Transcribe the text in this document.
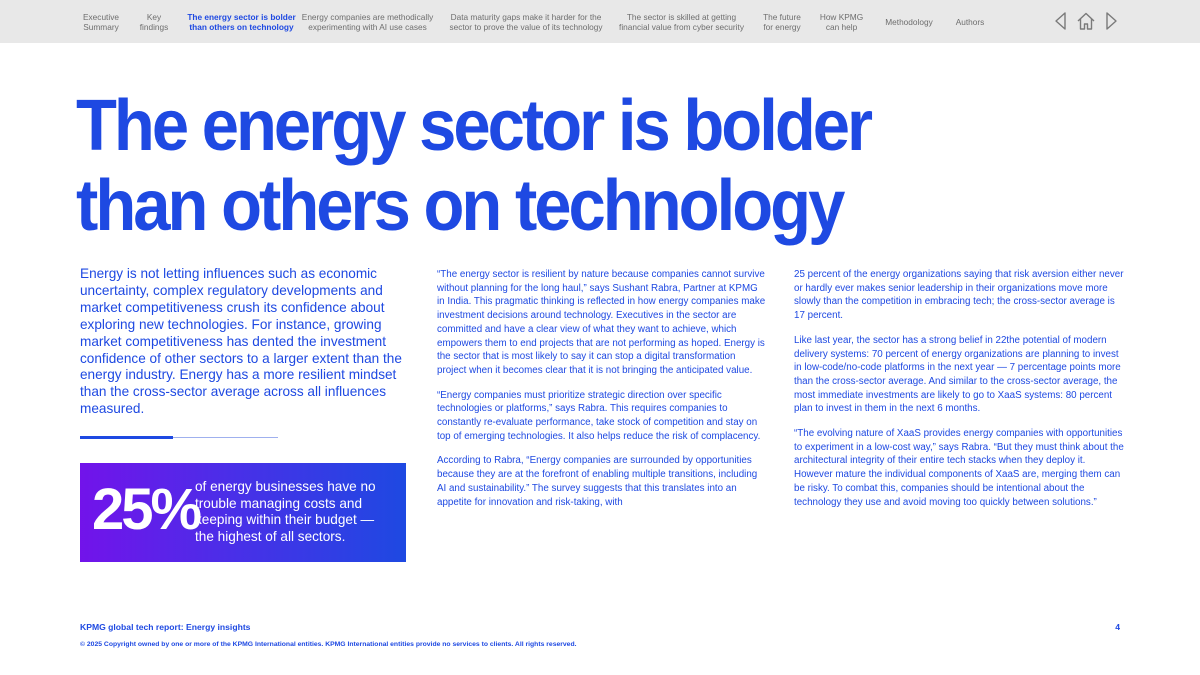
Executive
Summary
Key
findings
The energy sector is bolder
than others on technology
Energy companies are methodically
experimenting with AI use cases
Data maturity gaps make it harder for the
sector to prove the value of its technology
The sector is skilled at getting
financial value from cyber security
The future
for energy
How KPMG
can help	Methodology	Authors
The energy sector is bolder than others on technology

Energy is not letting influences such as economic uncertainty, complex regulatory developments and market competitiveness crush its confidence about exploring new technologies. For instance, growing market competitiveness has dented the investment confidence of other sectors to a larger extent than the energy industry. Energy has a more resilient mindset than the cross-sector average across all influences measured.

25%

of energy businesses have no trouble managing costs and keeping within their budget — the highest of all sectors.

“The energy sector is resilient by nature because companies cannot survive without planning for the long haul,” says Sushant Rabra, Partner at KPMG in India. This pragmatic thinking is reflected in how energy companies make investment decisions around technology. Executives in the sector are committed and have a clear view of what they want to achieve, which empowers them to end projects that are not performing as hoped. Energy is the sector that is most likely to say it can stop a digital transformation project when it becomes clear that it is not bringing the anticipated value.

“Energy companies must prioritize strategic direction over specific technologies or platforms,” says Rabra. This requires companies to constantly re-evaluate performance, take stock of competition and stay on top of emerging technologies. It also helps reduce the risk of complacency.

According to Rabra, “Energy companies are surrounded by opportunities because they are at the forefront of enabling multiple transitions, including AI and sustainability.” The survey suggests that this translates into an appetite for innovation and risk-taking, with

25 percent of the energy organizations saying that risk aversion either never or hardly ever makes senior leadership in their organizations move more slowly than the competition in embracing tech; the cross-sector average is 17 percent.

Like last year, the sector has a strong belief in 22the potential of modern delivery systems: 70 percent of energy organizations are planning to invest in low-code/no-code platforms in the next year — 7 percentage points more than the cross-sector average. And similar to the cross-sector average, the most immediate investments are likely to go to XaaS systems: 80 percent plan to invest in them in the next 6 months.

“The evolving nature of XaaS provides energy companies with opportunities to experiment in a low-cost way,” says Rabra. “But they must think about the architectural integrity of their entire tech stacks when they deploy it. However mature the individual components of XaaS are, merging them can be risky. To combat this, companies should be intentional about the technology they use and avoid moving too quickly between solutions.”

KPMG global tech report: Energy insights	4

© 2025 Copyright owned by one or more of the KPMG International entities. KPMG International entities provide no services to clients. All rights reserved.
